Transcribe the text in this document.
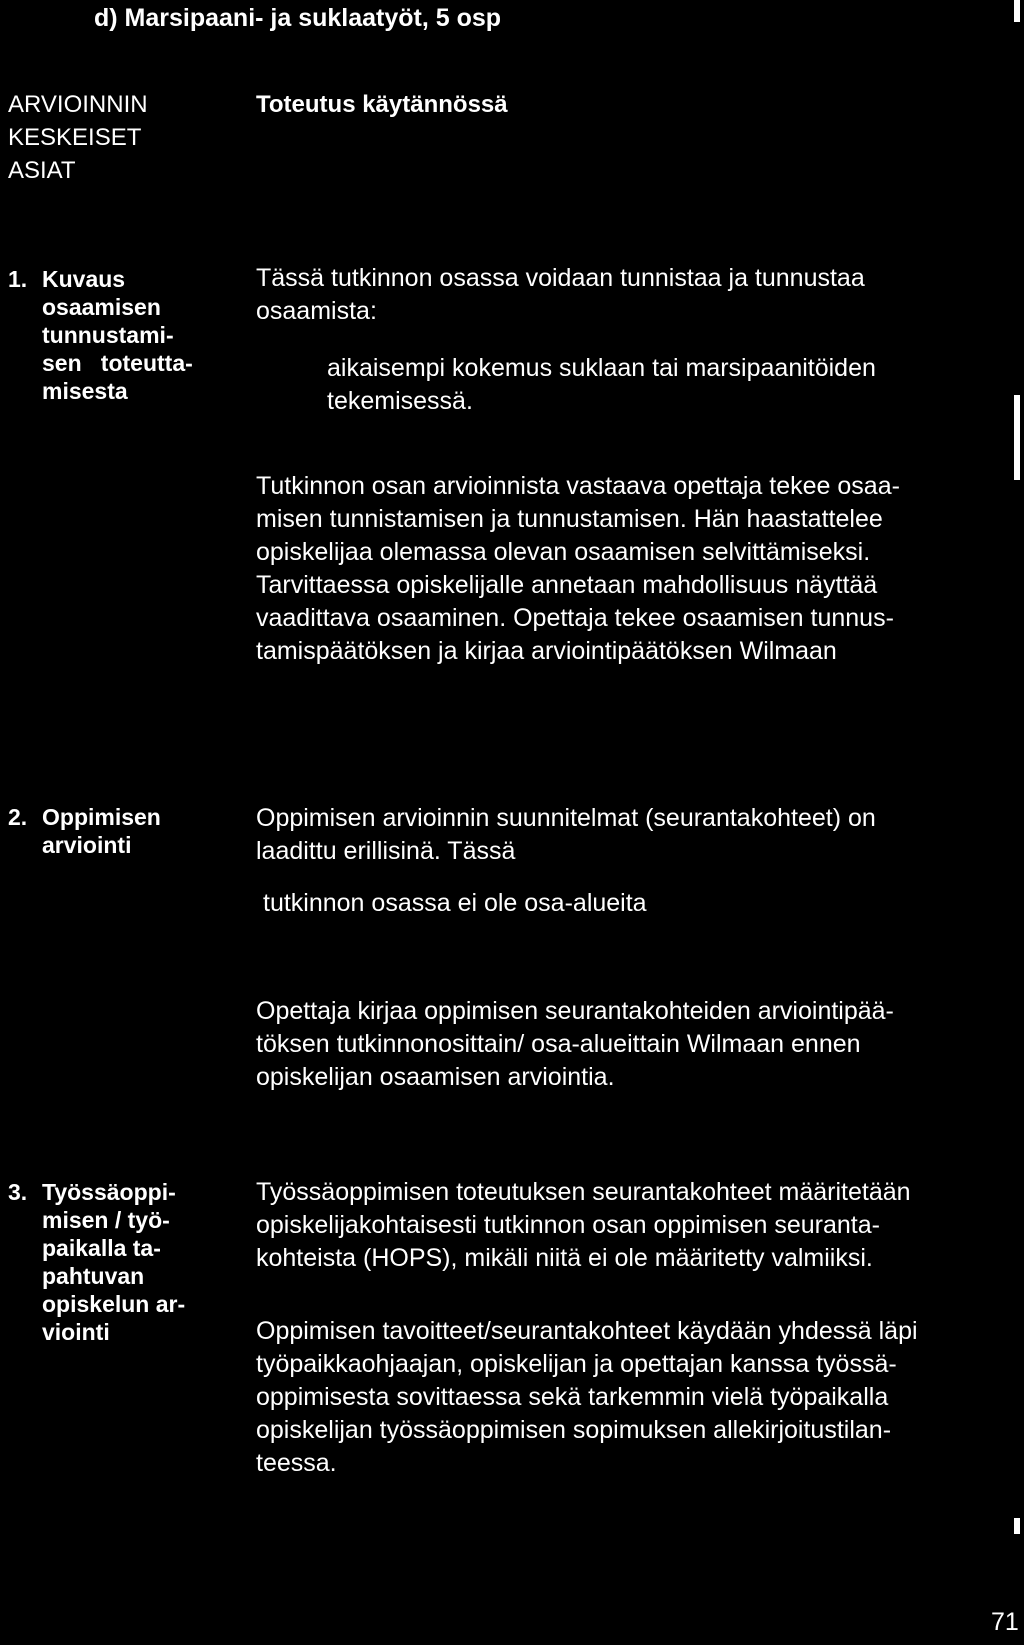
d) Marsipaani- ja suklaatyöt, 5 osp
ARVIOINNIN
KESKEISET
ASIAT
Toteutus käytännössä
1. Kuvaus
osaamisen
tunnustami-
sen   toteutta-
misesta
Tässä tutkinnon osassa voidaan tunnistaa ja tunnustaa
osaamista:
aikaisempi kokemus suklaan tai marsipaanitöiden
tekemisessä.
Tutkinnon osan arvioinnista vastaava opettaja tekee osaa-
misen tunnistamisen ja tunnustamisen. Hän haastattelee
opiskelijaa olemassa olevan osaamisen selvittämiseksi.
Tarvittaessa opiskelijalle annetaan mahdollisuus näyttää
vaadittava osaaminen. Opettaja tekee osaamisen tunnus-
tamispäätöksen ja kirjaa arviointipäätöksen Wilmaan
2. Oppimisen
arviointi
Oppimisen arvioinnin suunnitelmat (seurantakohteet) on
laadittu erillisinä. Tässä
tutkinnon osassa ei ole osa-alueita
Opettaja kirjaa oppimisen seurantakohteiden arviointipää-
töksen tutkinnonosittain/ osa-alueittain Wilmaan ennen
opiskelijan osaamisen arviointia.
3. Työssäoppi-
misen / työ-
paikalla ta-
pahtuvan
opiskelun ar-
viointi
Työssäoppimisen toteutuksen seurantakohteet määritetään
opiskelijakohtaisesti tutkinnon osan oppimisen seuranta-
kohteista (HOPS), mikäli niitä ei ole määritetty valmiiksi.
Oppimisen tavoitteet/seurantakohteet käydään yhdessä läpi
työpaikkaohjaajan, opiskelijan ja opettajan kanssa työssä-
oppimisesta sovittaessa sekä tarkemmin vielä työpaikalla
opiskelijan työssäoppimisen sopimuksen allekirjoitustilan-
teessa.
71
